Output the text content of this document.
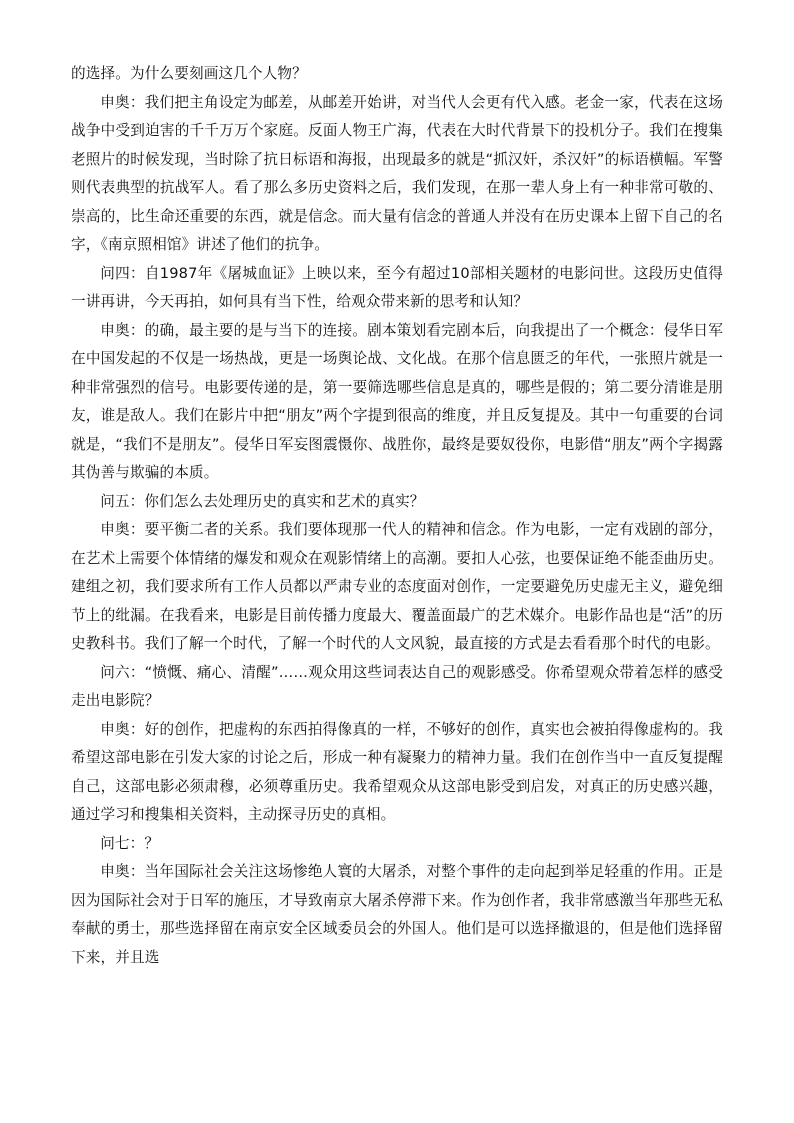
的选择。为什么要刻画这几个人物？

申奥：我们把主角设定为邮差，从邮差开始讲，对当代人会更有代入感。老金一家，代表在这场战争中受到迫害的千千万万个家庭。反面人物王广海，代表在大时代背景下的投机分子。我们在搜集老照片的时候发现，当时除了抗日标语和海报，出现最多的就是“抓汉奸，杀汉奸”的标语横幅。军警则代表典型的抗战军人。看了那么多历史资料之后，我们发现，在那一辈人身上有一种非常可敬的、崇高的，比生命还重要的东西，就是信念。而大量有信念的普通人并没有在历史课本上留下自己的名字，《南京照相馆》讲述了他们的抗争。

问四：自1987年《屠城血证》上映以来，至今有超过10部相关题材的电影问世。这段历史值得一讲再讲，今天再拍，如何具有当下性，给观众带来新的思考和认知？

申奥：的确，最主要的是与当下的连接。剧本策划看完剧本后，向我提出了一个概念：侵华日军在中国发起的不仅是一场热战，更是一场舆论战、文化战。在那个信息匮乏的年代，一张照片就是一种非常强烈的信号。电影要传递的是，第一要筛选哪些信息是真的，哪些是假的；第二要分清谁是朋友，谁是敌人。我们在影片中把“朋友”两个字提到很高的维度，并且反复提及。其中一句重要的台词就是，“我们不是朋友”。侵华日军妄图震慑你、战胜你，最终是要奴役你，电影借“朋友”两个字揭露其伪善与欺骗的本质。

问五：你们怎么去处理历史的真实和艺术的真实？

申奥：要平衡二者的关系。我们要体现那一代人的精神和信念。作为电影，一定有戏剧的部分，在艺术上需要个体情绪的爆发和观众在观影情绪上的高潮。要扣人心弦，也要保证绝不能歪曲历史。建组之初，我们要求所有工作人员都以严肃专业的态度面对创作，一定要避免历史虚无主义，避免细节上的纰漏。在我看来，电影是目前传播力度最大、覆盖面最广的艺术媒介。电影作品也是“活”的历史教科书。我们了解一个时代，了解一个时代的人文风貌，最直接的方式是去看看那个时代的电影。

问六：“愤慨、痛心、清醒”……观众用这些词表达自己的观影感受。你希望观众带着怎样的感受走出电影院？

申奥：好的创作，把虚构的东西拍得像真的一样，不够好的创作，真实也会被拍得像虚构的。我希望这部电影在引发大家的讨论之后，形成一种有凝聚力的精神力量。我们在创作当中一直反复提醒自己，这部电影必须肃穆，必须尊重历史。我希望观众从这部电影受到启发，对真正的历史感兴趣，通过学习和搜集相关资料，主动探寻历史的真相。

问七：？

申奥：当年国际社会关注这场惨绝人寰的大屠杀，对整个事件的走向起到举足轻重的作用。正是因为国际社会对于日军的施压，才导致南京大屠杀停滞下来。作为创作者，我非常感激当年那些无私奉献的勇士，那些选择留在南京安全区域委员会的外国人。他们是可以选择撤退的，但是他们选择留下来，并且选
